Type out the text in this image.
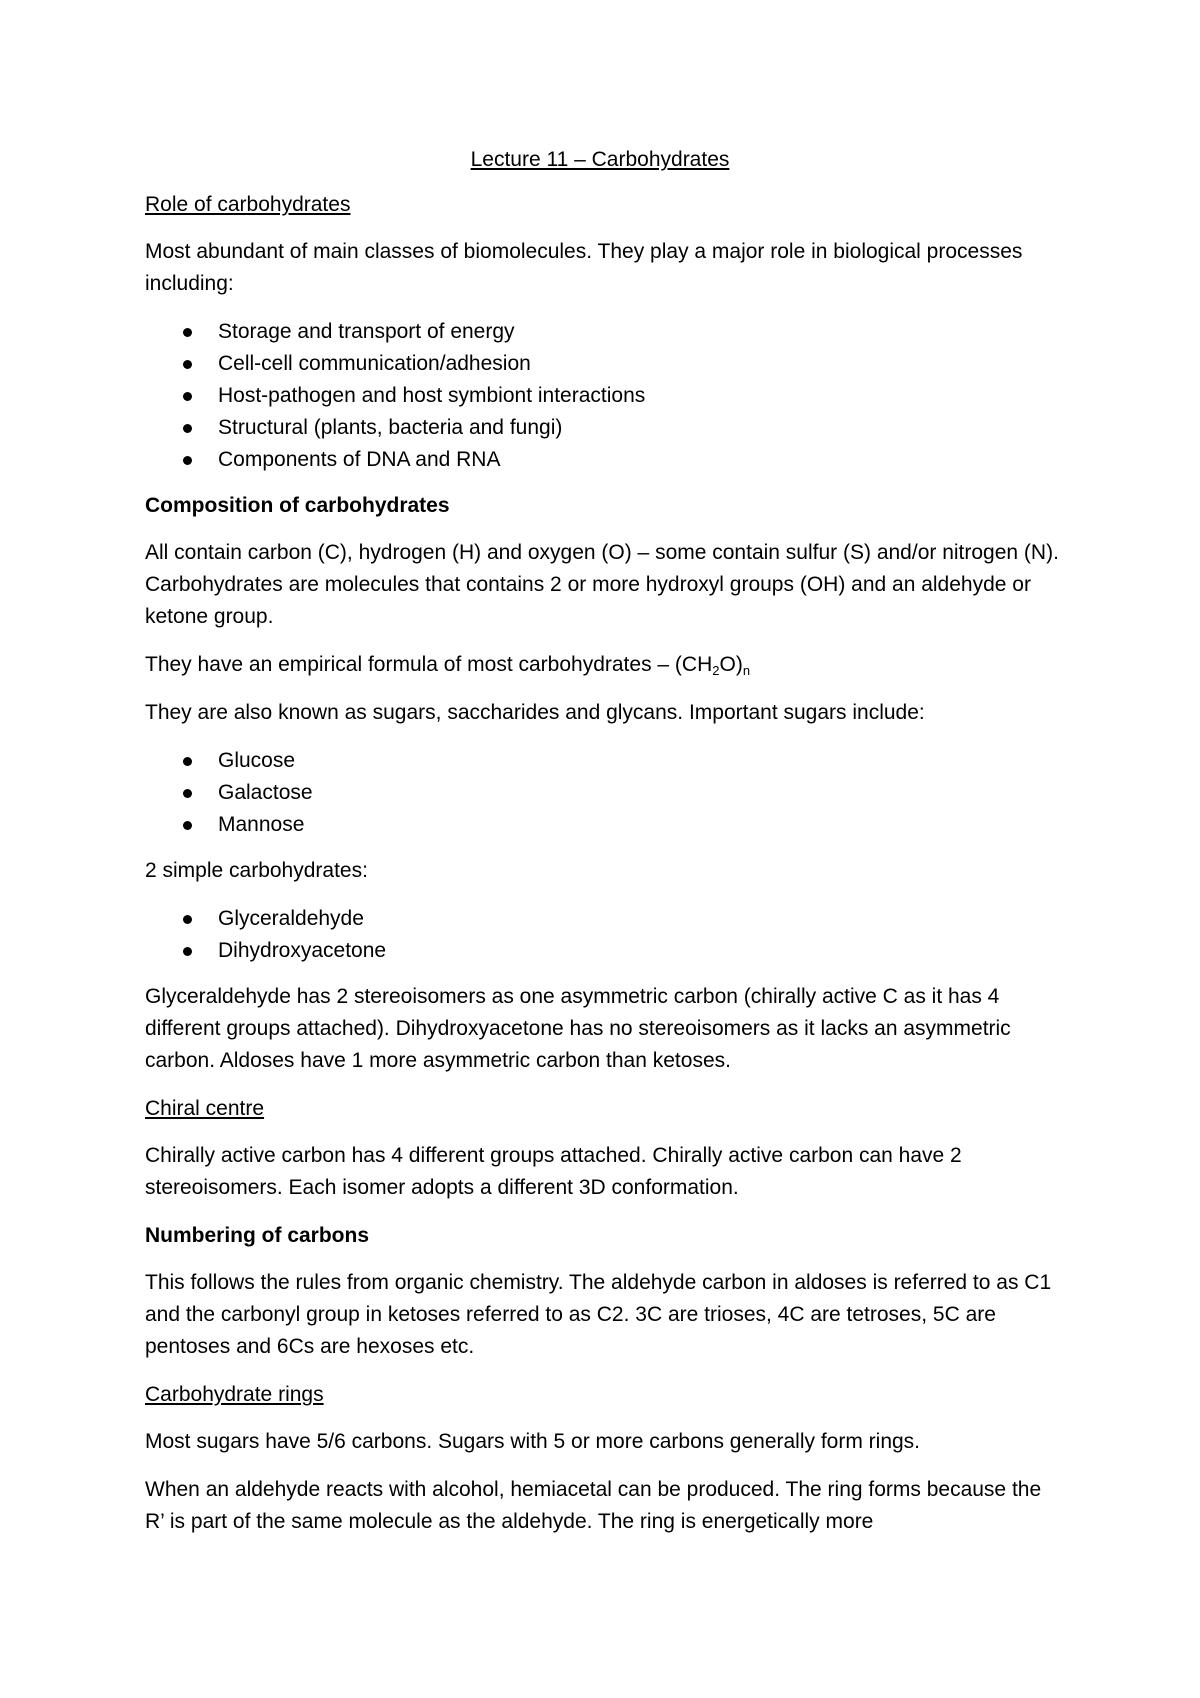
Lecture 11 – Carbohydrates
Role of carbohydrates

Most abundant of main classes of biomolecules. They play a major role in biological processes including:

Storage and transport of energy
Cell-cell communication/adhesion
Host-pathogen and host symbiont interactions
Structural (plants, bacteria and fungi)
Components of DNA and RNA
Composition of carbohydrates

All contain carbon (C), hydrogen (H) and oxygen (O) – some contain sulfur (S) and/or nitrogen (N). Carbohydrates are molecules that contains 2 or more hydroxyl groups (OH) and an aldehyde or ketone group.

They have an empirical formula of most carbohydrates – $(CH_2O)_n$

They are also known as sugars, saccharides and glycans. Important sugars include:

Glucose
Galactose
Mannose

2 simple carbohydrates:

Glyceraldehyde
Dihydroxyacetone

Glyceraldehyde has 2 stereoisomers as one asymmetric carbon (chirally active C as it has 4 different groups attached). Dihydroxyacetone has no stereoisomers as it lacks an asymmetric carbon. Aldoses have 1 more asymmetric carbon than ketoses.

Chiral centre

Chirally active carbon has 4 different groups attached. Chirally active carbon can have 2 stereoisomers. Each isomer adopts a different 3D conformation.

Numbering of carbons

This follows the rules from organic chemistry. The aldehyde carbon in aldoses is referred to as C1 and the carbonyl group in ketoses referred to as C2. 3C are trioses, 4C are tetroses, 5C are pentoses and 6Cs are hexoses etc.

Carbohydrate rings

Most sugars have 5/6 carbons. Sugars with 5 or more carbons generally form rings.

When an aldehyde reacts with alcohol, hemiacetal can be produced. The ring forms because the R’ is part of the same molecule as the aldehyde. The ring is energetically more
